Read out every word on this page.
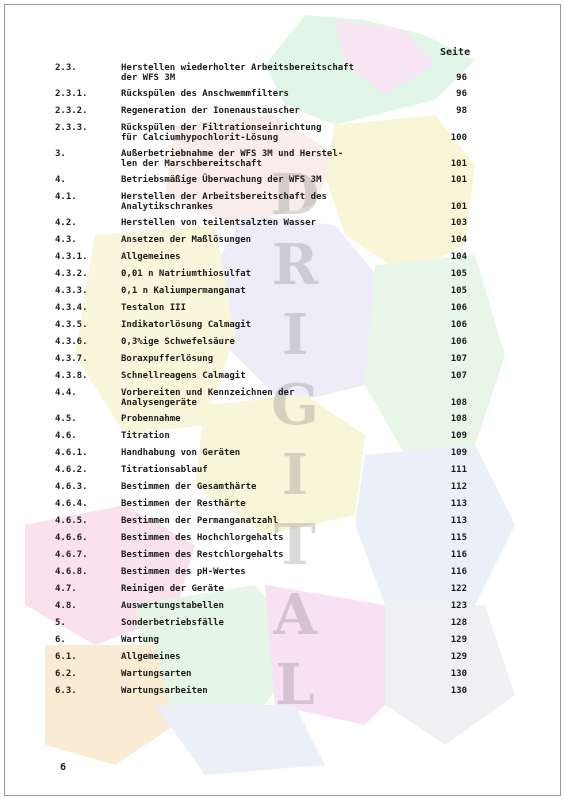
D
R
I
G
I
T
A
L
Seite
2.3.	Herstellen wiederholter Arbeitsbereitschaft
der WFS 3M	96
2.3.1.	Rückspülen des Anschwemmfilters	96
2.3.2.	Regeneration der Ionenaustauscher	98
2.3.3.	Rückspülen der Filtrationseinrichtung
für Calciumhypochlorit-Lösung	100
3.	Außerbetriebnahme der WFS 3M und Herstel-
len der Marschbereitschaft	101
4.	Betriebsmäßige Überwachung der WFS 3M	101
4.1.	Herstellen der Arbeitsbereitschaft des
Analytikschrankes	101
4.2.	Herstellen von teilentsalzten Wasser	103
4.3.	Ansetzen der Maßlösungen	104
4.3.1.	Allgemeines	104
4.3.2.	0,01 n Natriumthiosulfat	105
4.3.3.	0,1 n Kaliumpermanganat	105
4.3.4.	Testalon III	106
4.3.5.	Indikatorlösung Calmagit	106
4.3.6.	0,3%ige Schwefelsäure	106
4.3.7.	Boraxpufferlösung	107
4.3.8.	Schnellreagens Calmagit	107
4.4.	Vorbereiten und Kennzeichnen der
Analysengeräte	108
4.5.	Probennahme	108
4.6.	Titration	109
4.6.1.	Handhabung von Geräten	109
4.6.2.	Titrationsablauf	111
4.6.3.	Bestimmen der Gesamthärte	112
4.6.4.	Bestimmen der Resthärte	113
4.6.5.	Bestimmen der Permanganatzahl	113
4.6.6.	Bestimmen des Hochchlorgehalts	115
4.6.7.	Bestimmen des Restchlorgehalts	116
4.6.8.	Bestimmen des pH-Wertes	116
4.7.	Reinigen der Geräte	122
4.8.	Auswertungstabellen	123
5.	Sonderbetriebsfälle	128
6.	Wartung	129
6.1.	Allgemeines	129
6.2.	Wartungsarten	130
6.3.	Wartungsarbeiten	130
6
